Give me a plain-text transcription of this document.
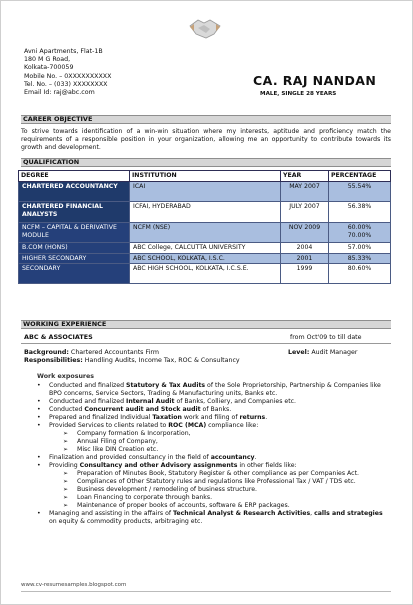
Avni Apartments, Flat-1B
180 M G Road,
Kolkata-700059
Mobile No. – 0XXXXXXXXXX
Tel. No. – (033) XXXXXXXX
Email Id: raj@abc.com
CA. RAJ NANDAN
MALE, SINGLE 28 YEARS
CAREER OBJECTIVE
To strive towards identification of a win-win situation where my interests, aptitude and proficiency match the requirements of a responsible position in your organization, allowing me an opportunity to contribute towards its growth and development.
QUALIFICATION
DEGREE	INSTITUTION	YEAR	PERCENTAGE
CHARTERED ACCOUNTANCY	ICAI	MAY 2007	55.54%
CHARTERED FINANCIAL ANALYSTS	ICFAI, HYDERABAD	JULY 2007	56.38%
NCFM – CAPITAL & DERIVATIVE MODULE	NCFM (NSE)	NOV 2009	60.00%
70.00%
B.COM (HONS)	ABC College, CALCUTTA UNIVERSITY	2004	57.00%
HIGHER SECONDARY	ABC SCHOOL, KOLKATA, I.S.C.	2001	85.33%
SECONDARY	ABC HIGH SCHOOL, KOLKATA, I.C.S.E.	1999	80.60%
WORKING EXPERIENCE
ABC & ASSOCIATES	from Oct'09 to till date
Background: Chartered Accountants Firm	Level: Audit Manager
Responsibilities: Handling Audits, Income Tax, ROC & Consultancy
Work exposures
• Conducted and finalized Statutory & Tax Audits of the Sole Proprietorship, Partnership & Companies like BPO concerns, Service Sectors, Trading & Manufacturing units, Banks etc.
• Conducted and finalized Internal Audit of Banks, Colliery, and Companies etc.
• Conducted Concurrent audit and Stock audit of Banks.
• Prepared and finalized Individual Taxation work and filing of returns.
• Provided Services to clients related to ROC (MCA) compliance like:
➢ Company formation & Incorporation,
➢ Annual Filing of Company,
➢ Misc like DIN Creation etc.
• Finalization and provided consultancy in the field of accountancy.
• Providing Consultancy and other Advisory assignments in other fields like:
➢ Preparation of Minutes Book, Statutory Register & other compliance as per Companies Act.
➢ Compliances of Other Statutory rules and regulations like Professional Tax / VAT / TDS etc.
➢ Business development / remodeling of business structure.
➢ Loan Financing to corporate through banks.
➢ Maintenance of proper books of accounts, software & ERP packages.
• Managing and assisting in the affairs of Technical Analyst & Research Activities, calls and strategies on equity & commodity products, arbitraging etc.
www.cv-resumesamples.blogspot.com
